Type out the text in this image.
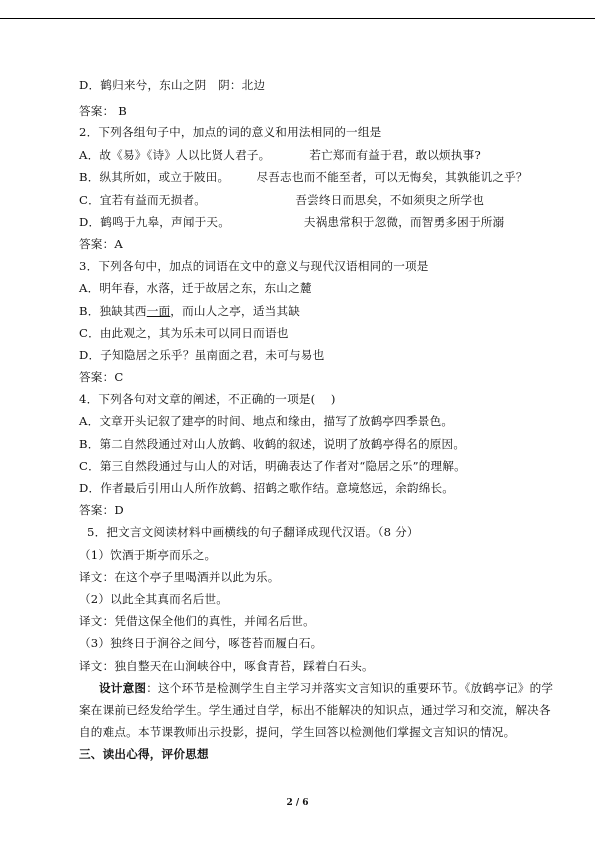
D．鹤归来兮，东山之阴   阴：北边
答案： B
2．下列各组句子中，加点的词的意义和用法相同的一组是
A．故《易》《诗》人以比贤人君子。          若亡郑而有益于君，敢以烦执事?
B．纵其所如，或立于陂田。       尽吾志也而不能至者，可以无悔矣，其孰能讥之乎？
C．宜若有益而无损者。                       吾尝终日而思矣，不如须臾之所学也
D．鹤鸣于九皋，声闻于天。                   夫祸患常积于忽微，而智勇多困于所溺
答案：A
3．下列各句中，加点的词语在文中的意义与现代汉语相同的一项是
A．明年春，水落，迁于故居之东，东山之麓
B．独缺其西一面，而山人之亭，适当其缺
C．由此观之，其为乐未可以同日而语也
D．子知隐居之乐乎？虽南面之君，未可与易也
答案：C
4．下列各句对文章的阐述，不正确的一项是(    )
A．文章开头记叙了建亭的时间、地点和缘由，描写了放鹤亭四季景色。
B．第二自然段通过对山人放鹤、收鹤的叙述，说明了放鹤亭得名的原因。
C．第三自然段通过与山人的对话，明确表达了作者对“隐居之乐”的理解。
D．作者最后引用山人所作放鹤、招鹤之歌作结。意境悠远，余韵绵长。
答案：D
5．把文言文阅读材料中画横线的句子翻译成现代汉语。（8 分）
（1）饮酒于斯亭而乐之。
译文：在这个亭子里喝酒并以此为乐。
（2）以此全其真而名后世。
译文：凭借这保全他们的真性，并闻名后世。
（3）独终日于涧谷之间兮，啄苍苔而履白石。
译文：独自整天在山涧峡谷中，啄食青苔，踩着白石头。
设计意图：这个环节是检测学生自主学习并落实文言知识的重要环节。《放鹤亭记》的学
案在课前已经发给学生。学生通过自学，标出不能解决的知识点，通过学习和交流，解决各
自的难点。本节课教师出示投影，提问，学生回答以检测他们掌握文言知识的情况。
三、读出心得，评价思想
2 / 6
